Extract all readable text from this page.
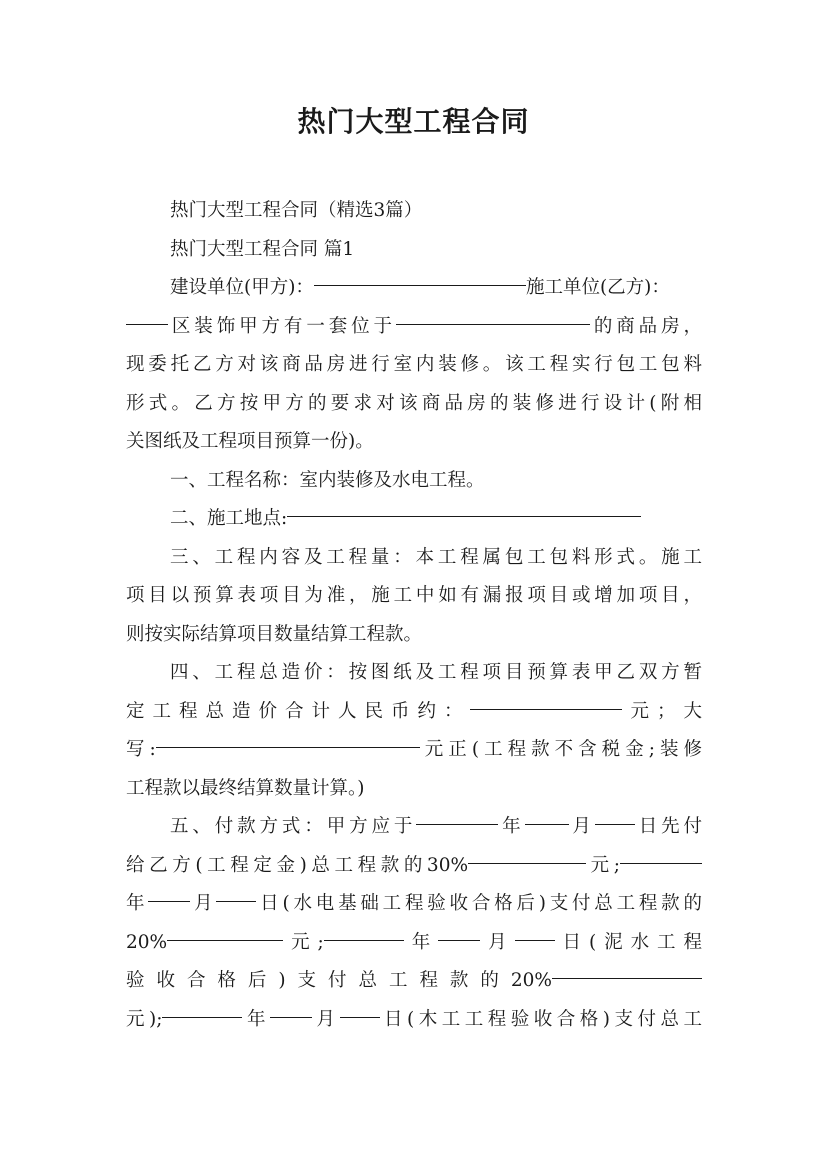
热门大型工程合同
热门大型工程合同（精选3篇）
热门大型工程合同 篇1
建设单位(甲方)：	施工单位(乙方)：
区装饰甲方有一套位于	的商品房，
现委托乙方对该商品房进行室内装修。该工程实行包工包料
形式。乙方按甲方的要求对该商品房的装修进行设计(附相
关图纸及工程项目预算一份)。
一、工程名称：室内装修及水电工程。
二、施工地点:
三、工程内容及工程量：本工程属包工包料形式。施工
项目以预算表项目为准，施工中如有漏报项目或增加项目，
则按实际结算项目数量结算工程款。
四、工程总造价：按图纸及工程项目预算表甲乙双方暂
定工程总造价合计人民币约：	元；大
写:	元正(工程款不含税金;装修
工程款以最终结算数量计算。)
五、付款方式：甲方应于	年 月 日先付
给乙方(工程定金)总工程款的30%	元;
年 月 日(水电基础工程验收合格后)支付总工程款的
20%	元;	年 月 日(泥水工程
验收合格后)支付总工程款的20%
元);	年 月 日(木工工程验收合格)支付总工
